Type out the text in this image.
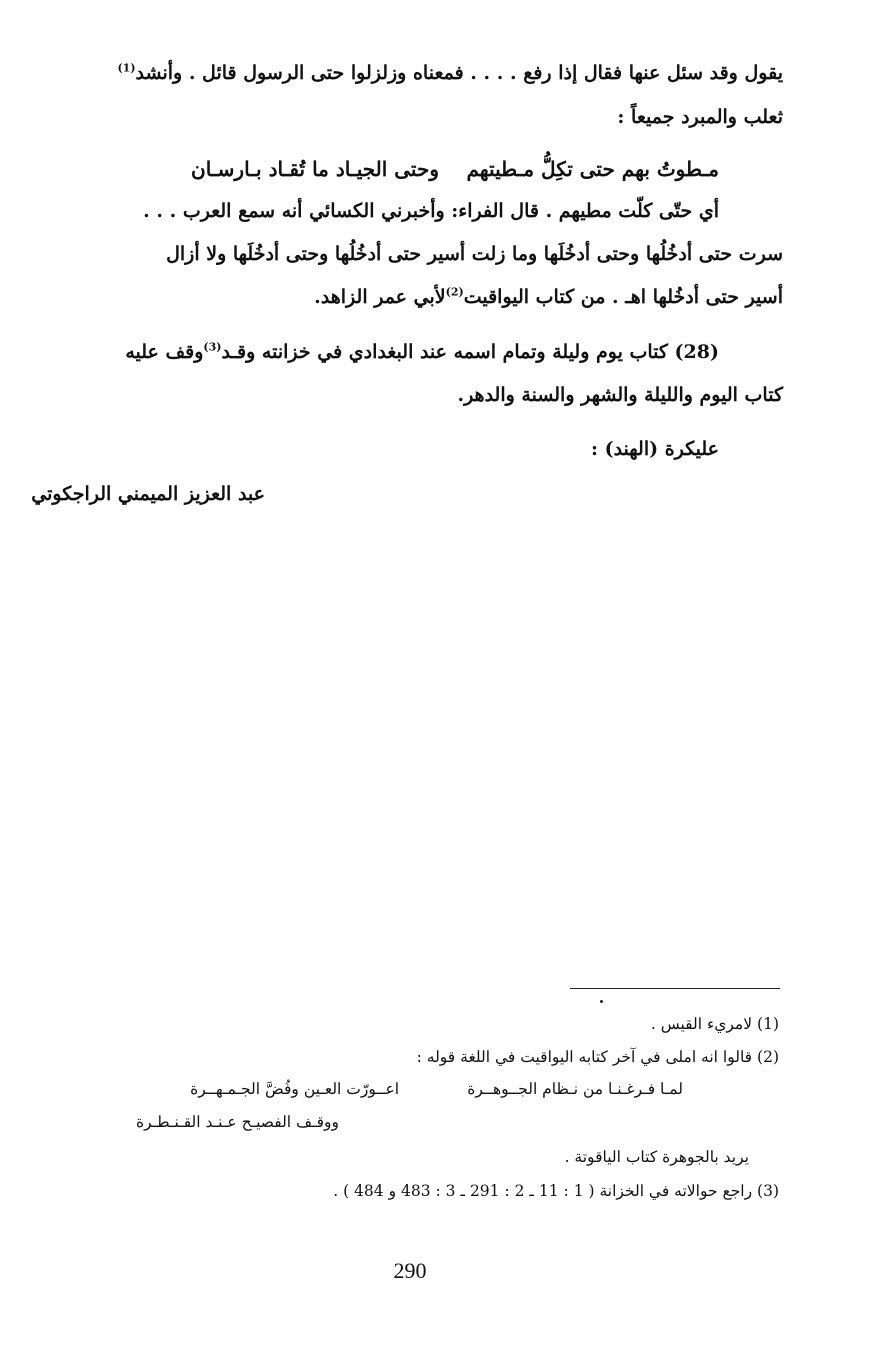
يقول وقد سئل عنها فقال إذا رفع . . . . فمعناه وزلزلوا حتى الرسول قائل . وأنشد$^{(1)}$
ثعلب والمبرد جميعاً :
مـطوتُ بهم حتى تكِلُّ مـطيتهم
وحتى الجيـاد ما تُقـاد بـارسـان
أي حتّى كلّت مطيهم . قال الفراء: وأخبرني الكسائي أنه سمع العرب . . .
سرت حتى أدخُلُها وحتى أدخُلَها وما زلت أسير حتى أدخُلُها وحتى أدخُلَها ولا أزال
أسير حتى أدخُلها اهـ . من كتاب اليواقيت$^{(2)}$لأبي عمر الزاهد.
(28) كتاب يوم وليلة وتمام اسمه عند البغدادي في خزانته وقـد$^{(3)}$وقف عليه
كتاب اليوم والليلة والشهر والسنة والدهر.
عليكرة (الهند) :
عبد العزيز الميمني الراجكوتي
(1) لامريء القيس .
(2) قالوا انه املى في آخر كتابه اليواقيت في اللغة قوله :
لمـا فـرغـنـا من نـظام الجــوهــرة
اعــورّت العـين وفُضَّ الجـمـهــرة
ووقـف الفصيـح عـنـد القـنـطـرة
يريد بالجوهرة كتاب الياقوتة .
(3) راجع حوالاته في الخزانة ( 1 : 11 ـ 2 : 291 ـ 3 : 483 و 484 ) .
290
